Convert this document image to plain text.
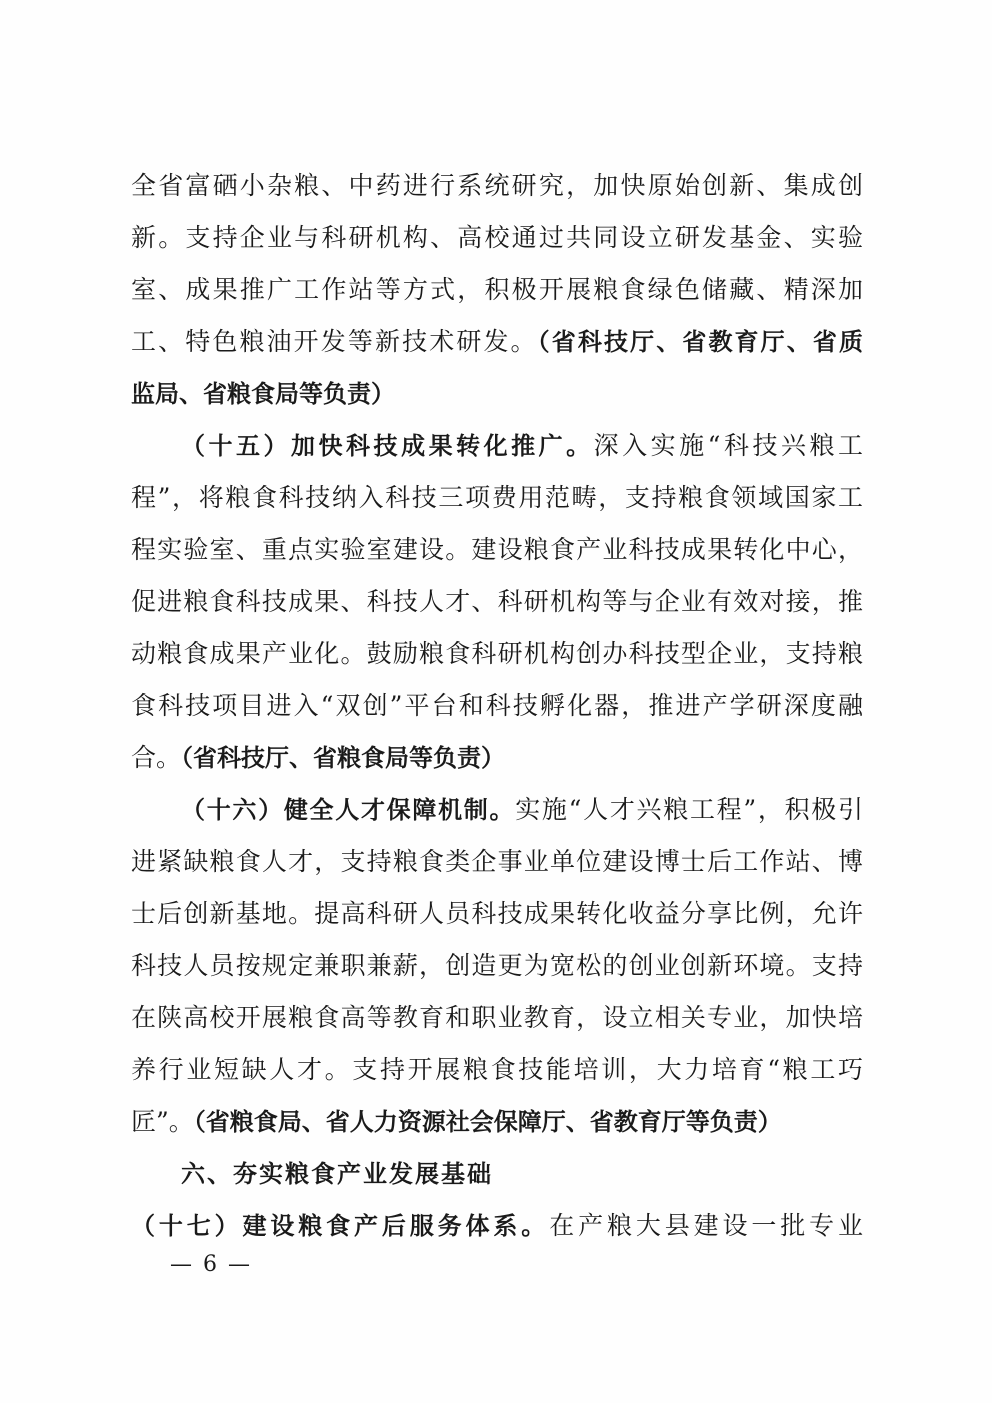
全省富硒小杂粮、中药进行系统研究，加快原始创新、集成创
新。支持企业与科研机构、高校通过共同设立研发基金、实验
室、成果推广工作站等方式，积极开展粮食绿色储藏、精深加
工、特色粮油开发等新技术研发。（省科技厅、省教育厅、省质
监局、省粮食局等负责）
（十五）加快科技成果转化推广。深入实施“科技兴粮工
程”，将粮食科技纳入科技三项费用范畴，支持粮食领域国家工
程实验室、重点实验室建设。建设粮食产业科技成果转化中心，
促进粮食科技成果、科技人才、科研机构等与企业有效对接，推
动粮食成果产业化。鼓励粮食科研机构创办科技型企业，支持粮
食科技项目进入“双创”平台和科技孵化器，推进产学研深度融
合。（省科技厅、省粮食局等负责）
（十六）健全人才保障机制。实施“人才兴粮工程”，积极引
进紧缺粮食人才，支持粮食类企事业单位建设博士后工作站、博
士后创新基地。提高科研人员科技成果转化收益分享比例，允许
科技人员按规定兼职兼薪，创造更为宽松的创业创新环境。支持
在陕高校开展粮食高等教育和职业教育，设立相关专业，加快培
养行业短缺人才。支持开展粮食技能培训，大力培育“粮工巧
匠”。（省粮食局、省人力资源社会保障厅、省教育厅等负责）
六、夯实粮食产业发展基础
（十七）建设粮食产后服务体系。在产粮大县建设一批专业
— 6 —
